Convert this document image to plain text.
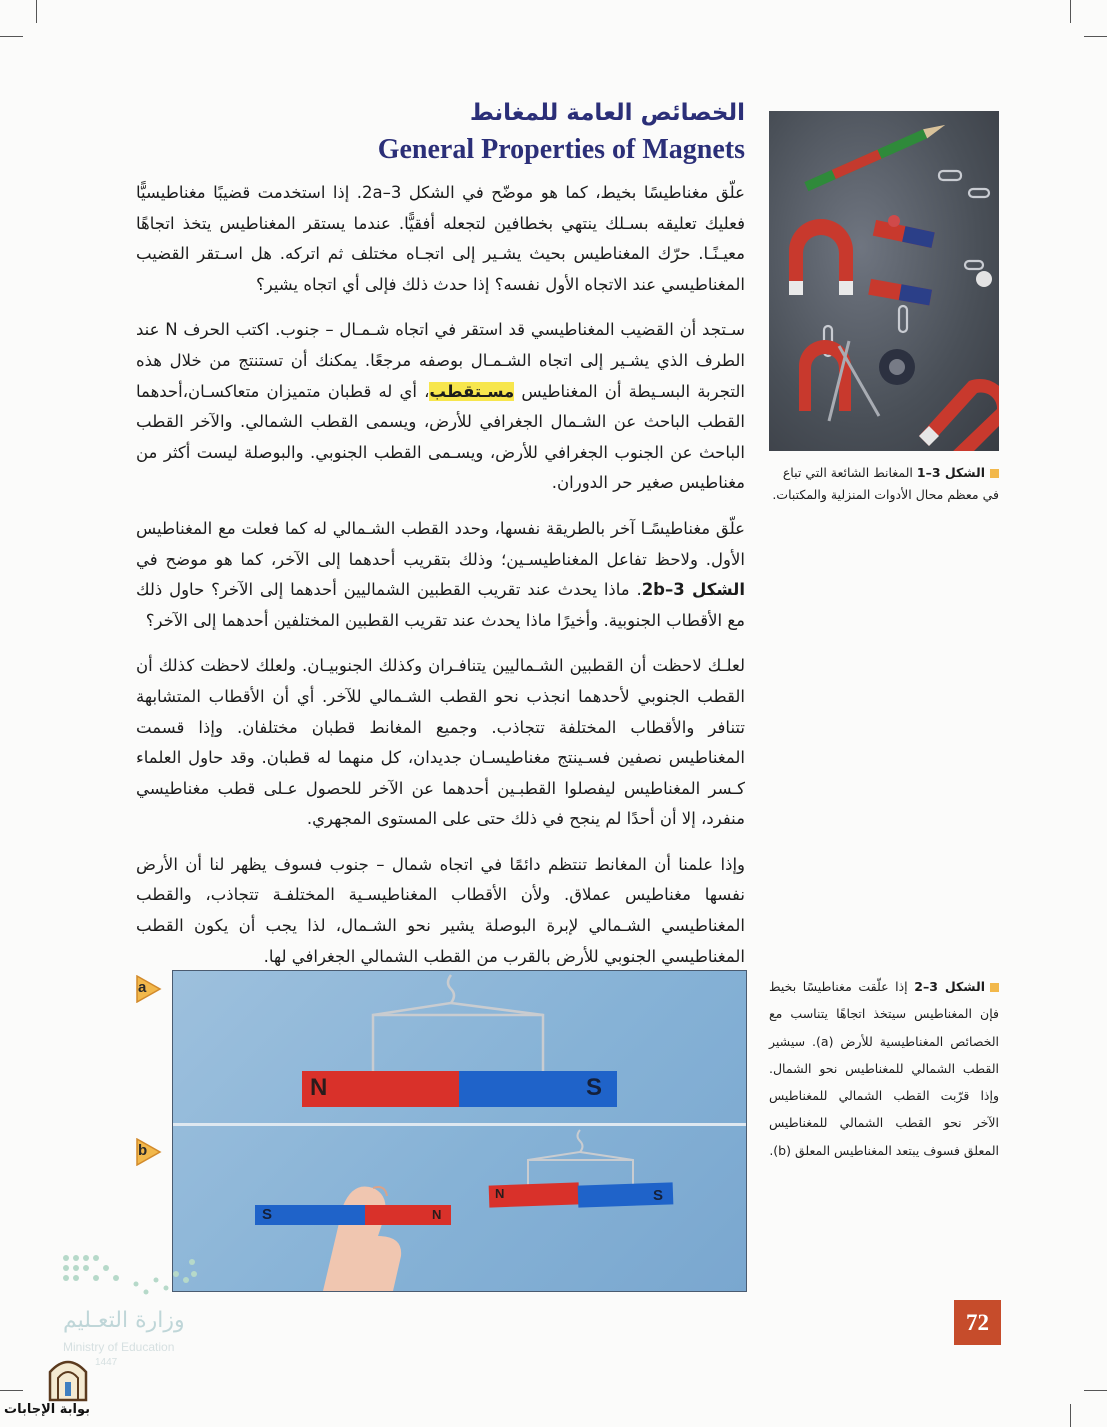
الخصائص العامة للمغانط
General Properties of Magnets

علّق مغناطيسًا بخيط، كما هو موضّح في الشكل 3–2a. إذا استخدمت قضيبًا مغناطيسيًّا فعليك تعليقه بسـلك ينتهي بخطافين لتجعله أفقيًّا. عندما يستقر المغناطيس يتخذ اتجاهًا معيـنًـا. حرّك المغناطيس بحيث يشـير إلى اتجـاه مختلف ثم اتركه. هل اسـتقر القضيب المغناطيسي عند الاتجاه الأول نفسه؟ إذا حدث ذلك فإلى أي اتجاه يشير؟

سـتجد أن القضيب المغناطيسي قد استقر في اتجاه شـمـال – جنوب. اكتب الحرف N عند الطرف الذي يشـير إلى اتجاه الشـمـال بوصفه مرجعًا. يمكنك أن تستنتج من خلال هذه التجربة البسـيطة أن المغناطيس مسـتقطب، أي له قطبان متميزان متعاكسـان،أحدهما القطب الباحث عن الشـمال الجغرافي للأرض، ويسمى القطب الشمالي. والآخر القطب الباحث عن الجنوب الجغرافي للأرض، ويسـمى القطب الجنوبي. والبوصلة ليست أكثر من مغناطيس صغير حر الدوران.

علّق مغناطيسًـا آخر بالطريقة نفسها، وحدد القطب الشـمالي له كما فعلت مع المغناطيس الأول. ولاحظ تفاعل المغناطيسـين؛ وذلك بتقريب أحدهما إلى الآخر، كما هو موضح في الشكل 3–2b. ماذا يحدث عند تقريب القطبين الشماليين أحدهما إلى الآخر؟ حاول ذلك مع الأقطاب الجنوبية. وأخيرًا ماذا يحدث عند تقريب القطبين المختلفين أحدهما إلى الآخر؟

لعلـك لاحظت أن القطبين الشـماليين يتنافـران وكذلك الجنوبيـان. ولعلك لاحظت كذلك أن القطب الجنوبي لأحدهما انجذب نحو القطب الشـمالي للآخر. أي أن الأقطاب المتشابهة تتنافر والأقطاب المختلفة تتجاذب. وجميع المغانط قطبان مختلفان. وإذا قسمت المغناطيس نصفين فسـينتج مغناطيسـان جديدان، كل منهما له قطبان. وقد حاول العلماء كـسر المغناطيس ليفصلوا القطبـين أحدهما عن الآخر للحصول عـلى قطب مغناطيسي منفرد، إلا أن أحدًا لم ينجح في ذلك حتى على المستوى المجهري.

وإذا علمنا أن المغانط تنتظم دائمًا في اتجاه شمال – جنوب فسوف يظهر لنا أن الأرض نفسها مغناطيس عملاق. ولأن الأقطاب المغناطيسـية المختلفـة تتجاذب، والقطب المغناطيسي الشـمالي لإبرة البوصلة يشير نحو الشـمال، لذا يجب أن يكون القطب المغناطيسي الجنوبي للأرض بالقرب من القطب الشمالي الجغرافي لها.

الشكل 3–1 المغانط الشائعة التي تباع في معظم محال الأدوات المنزلية والمكتبات.
الشكل 3–2 إذا علّقت مغناطيسًا بخيط فإن المغناطيس سيتخذ اتجاهًا يتناسب مع الخصائص المغناطيسية للأرض (a). سيشير القطب الشمالي للمغناطيس نحو الشمال. وإذا قرّبت القطب الشمالي للمغناطيس الآخر نحو القطب الشمالي للمغناطيس المعلق فسوف يبتعد المغناطيس المعلق (b).
N	S
N	S
S	N
a
b
72
وزارة التعـليم
Ministry of Education
1447
بوابة الإجابات
